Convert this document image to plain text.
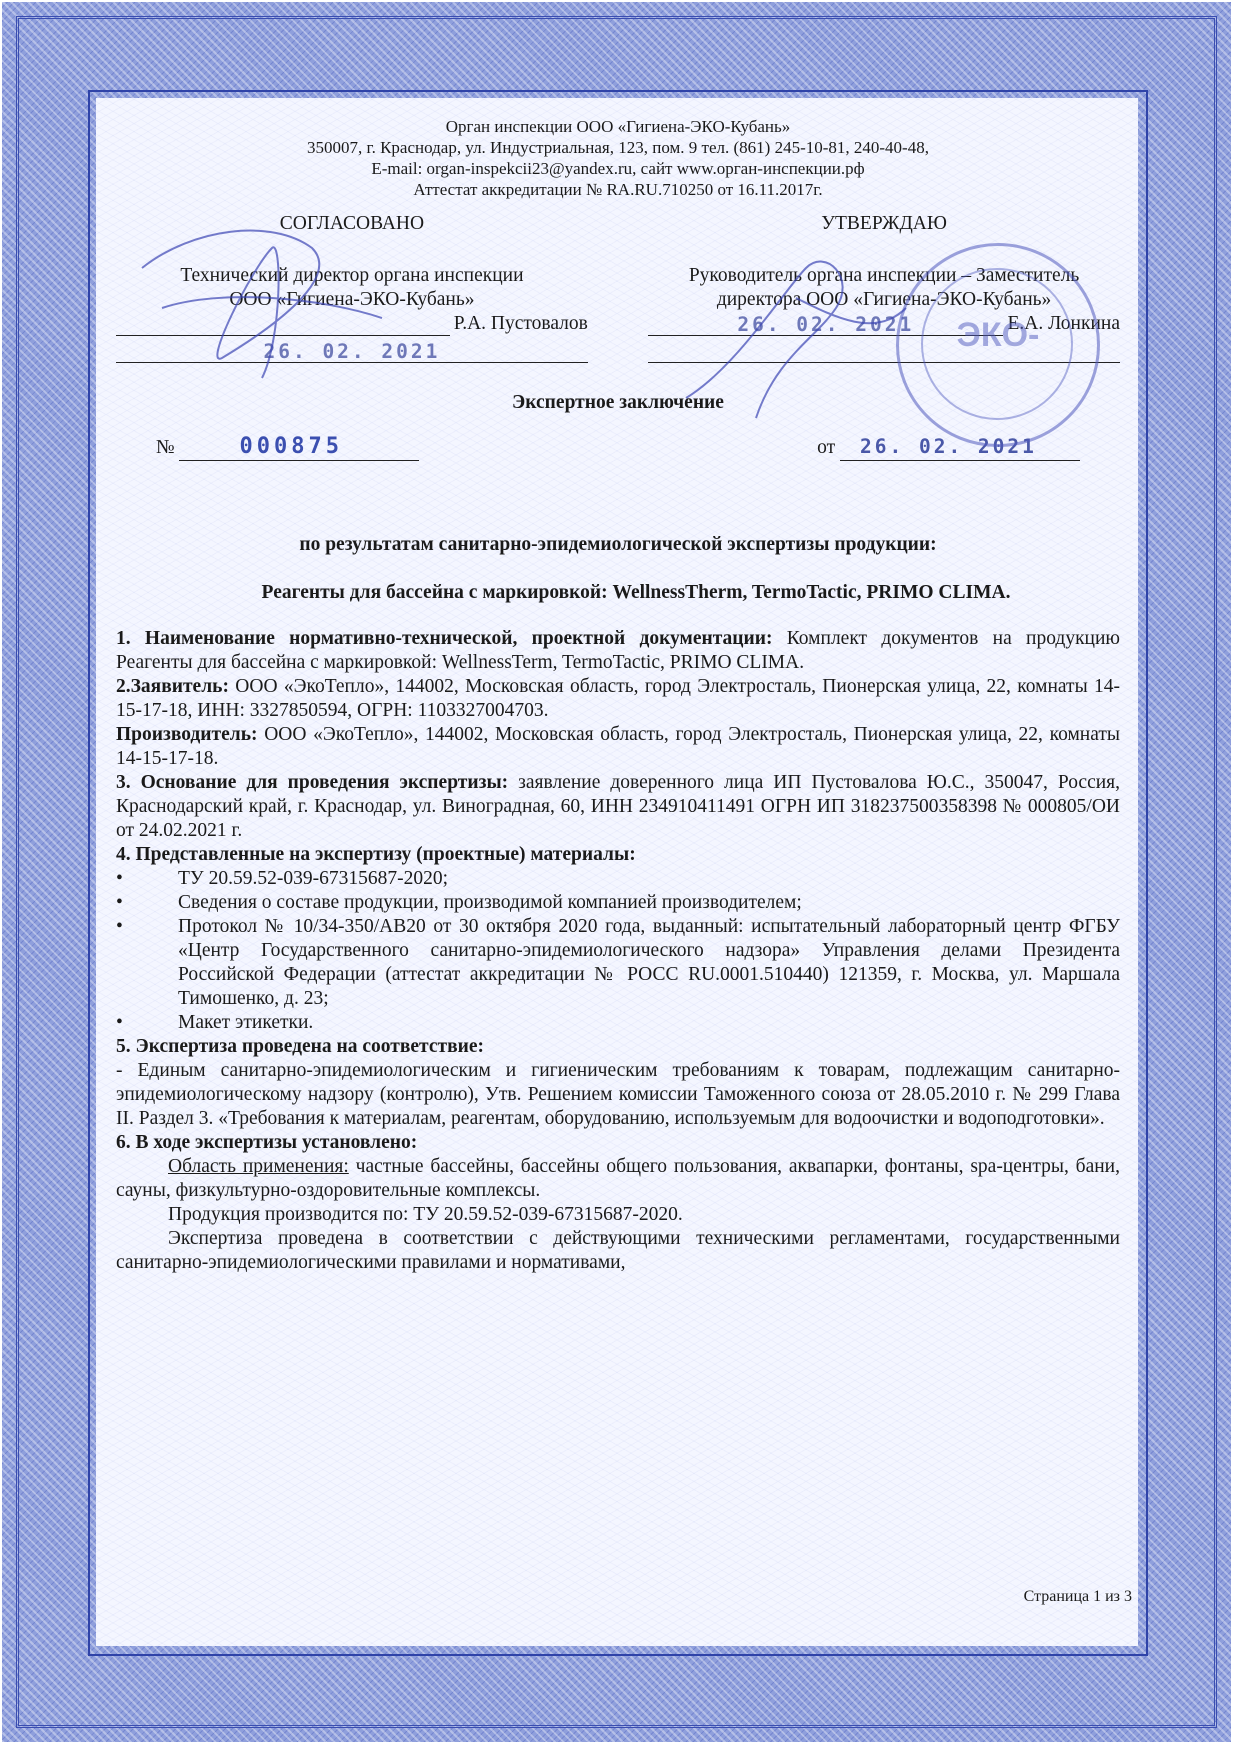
Орган инспекции ООО «Гигиена-ЭКО-Кубань»
350007, г. Краснодар, ул. Индустриальная, 123, пом. 9 тел. (861) 245-10-81, 240-40-48,
E-mail: organ-inspekcii23@yandex.ru, сайт www.орган-инспекции.рф
Аттестат аккредитации № RA.RU.710250 от 16.11.2017г.
СОГЛАСОВАНО
Технический директор органа инспекции
ООО «Гигиена-ЭКО-Кубань»
Р.А. Пустовалов
26. 02. 2021
УТВЕРЖДАЮ
Руководитель органа инспекции – Заместитель
директора ООО «Гигиена-ЭКО-Кубань»
26. 02. 2021	Е.А. Лонкина
Экспертное заключение
№	000875	от 26. 02. 2021
по результатам санитарно-эпидемиологической экспертизы продукции:
Реагенты для бассейна с маркировкой: WellnessTherm, TermoTactic, PRIMO CLIMA.

1. Наименование нормативно-технической, проектной документации: Комплект документов на продукцию Реагенты для бассейна с маркировкой: WellnessTerm, TermoTactic, PRIMO CLIMA.

2.Заявитель: ООО «ЭкоТепло», 144002, Московская область, город Электросталь, Пионерская улица, 22, комнаты 14-15-17-18, ИНН: 3327850594, ОГРН: 1103327004703.

Производитель: ООО «ЭкоТепло», 144002, Московская область, город Электросталь, Пионерская улица, 22, комнаты 14-15-17-18.

3. Основание для проведения экспертизы: заявление доверенного лица ИП Пустовалова Ю.С., 350047, Россия, Краснодарский край, г. Краснодар, ул. Виноградная, 60, ИНН 234910411491 ОГРН ИП 318237500358398 № 000805/ОИ от 24.02.2021 г.

4. Представленные на экспертизу (проектные) материалы:

•	ТУ 20.59.52-039-67315687-2020;
•	Сведения о составе продукции, производимой компанией производителем;
•	Протокол № 10/34-350/АВ20 от 30 октября 2020 года, выданный: испытательный лабораторный центр ФГБУ «Центр Государственного санитарно-эпидемиологического надзора» Управления делами Президента Российской Федерации (аттестат аккредитации № РОСС RU.0001.510440) 121359, г. Москва, ул. Маршала Тимошенко, д. 23;
•	Макет этикетки.

5. Экспертиза проведена на соответствие:

- Единым санитарно-эпидемиологическим и гигиеническим требованиям к товарам, подлежащим санитарно-эпидемиологическому надзору (контролю), Утв. Решением комиссии Таможенного союза от 28.05.2010 г. № 299 Глава II. Раздел 3. «Требования к материалам, реагентам, оборудованию, используемым для водоочистки и водоподготовки».

6. В ходе экспертизы установлено:

Область применения: частные бассейны, бассейны общего пользования, аквапарки, фонтаны, spa-центры, бани, сауны, физкультурно-оздоровительные комплексы.

Продукция производится по: ТУ 20.59.52-039-67315687-2020.

Экспертиза проведена в соответствии с действующими техническими регламентами, государственными санитарно-эпидемиологическими правилами и нормативами,

ЭКО-
Страница 1 из 3
